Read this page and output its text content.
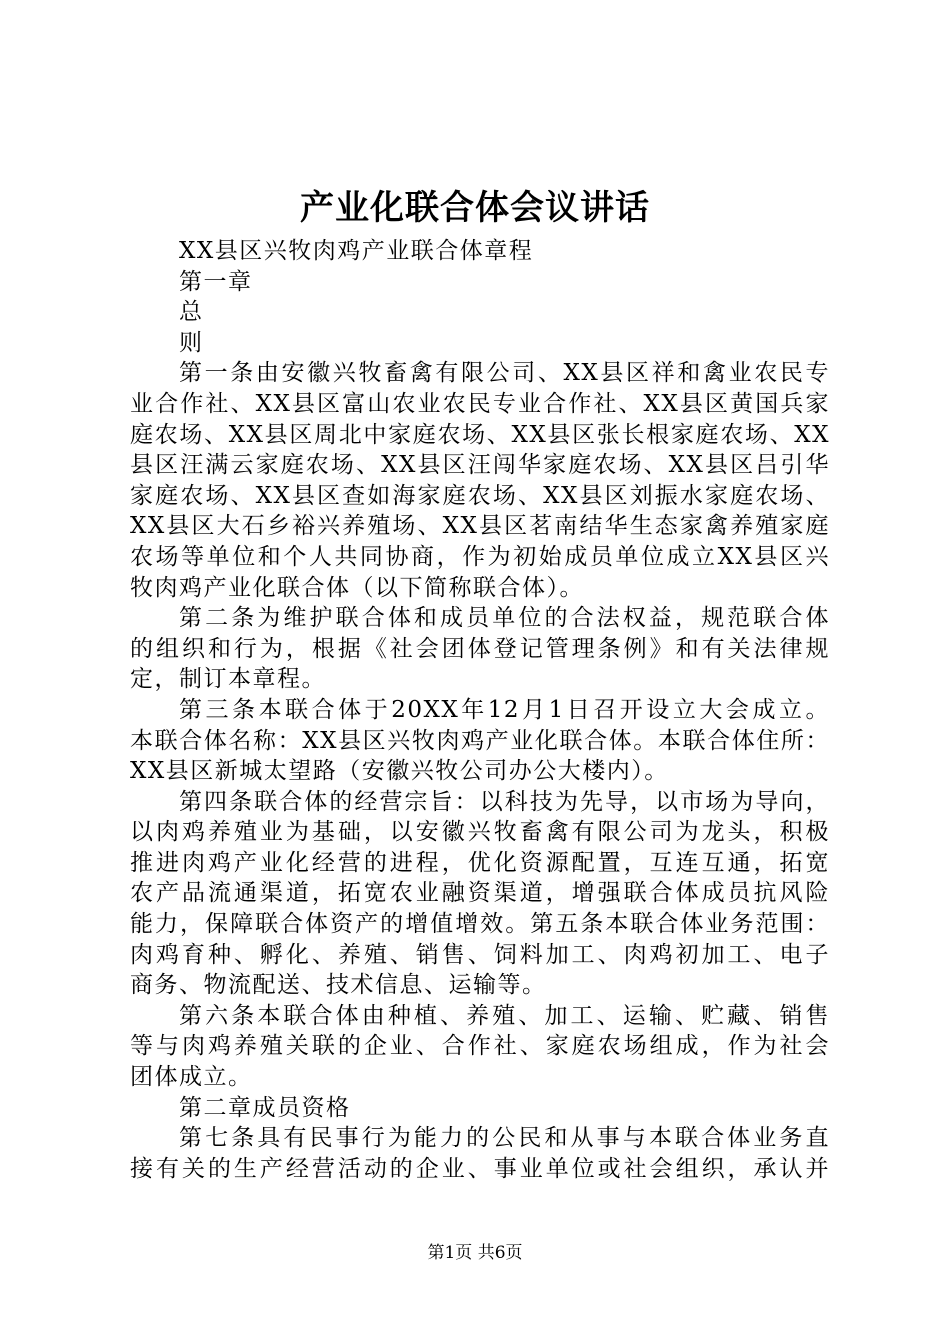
产业化联合体会议讲话
XX县区兴牧肉鸡产业联合体章程
第一章
总
则
第一条由安徽兴牧畜禽有限公司、XX县区祥和禽业农民专
业合作社、XX县区富山农业农民专业合作社、XX县区黄国兵家
庭农场、XX县区周北中家庭农场、XX县区张长根家庭农场、XX
县区汪满云家庭农场、XX县区汪闯华家庭农场、XX县区吕引华
家庭农场、XX县区查如海家庭农场、XX县区刘振水家庭农场、
XX县区大石乡裕兴养殖场、XX县区茗南结华生态家禽养殖家庭
农场等单位和个人共同协商，作为初始成员单位成立XX县区兴
牧肉鸡产业化联合体（以下简称联合体）。
第二条为维护联合体和成员单位的合法权益，规范联合体
的组织和行为，根据《社会团体登记管理条例》和有关法律规
定，制订本章程。
第三条本联合体于20XX年12月1日召开设立大会成立。
本联合体名称：XX县区兴牧肉鸡产业化联合体。本联合体住所：
XX县区新城太望路（安徽兴牧公司办公大楼内）。
第四条联合体的经营宗旨：以科技为先导，以市场为导向，
以肉鸡养殖业为基础，以安徽兴牧畜禽有限公司为龙头，积极
推进肉鸡产业化经营的进程，优化资源配置，互连互通，拓宽
农产品流通渠道，拓宽农业融资渠道，增强联合体成员抗风险
能力，保障联合体资产的增值增效。第五条本联合体业务范围：
肉鸡育种、孵化、养殖、销售、饲料加工、肉鸡初加工、电子
商务、物流配送、技术信息、运输等。
第六条本联合体由种植、养殖、加工、运输、贮藏、销售
等与肉鸡养殖关联的企业、合作社、家庭农场组成，作为社会
团体成立。
第二章成员资格
第七条具有民事行为能力的公民和从事与本联合体业务直
接有关的生产经营活动的企业、事业单位或社会组织，承认并
第1页 共6页
